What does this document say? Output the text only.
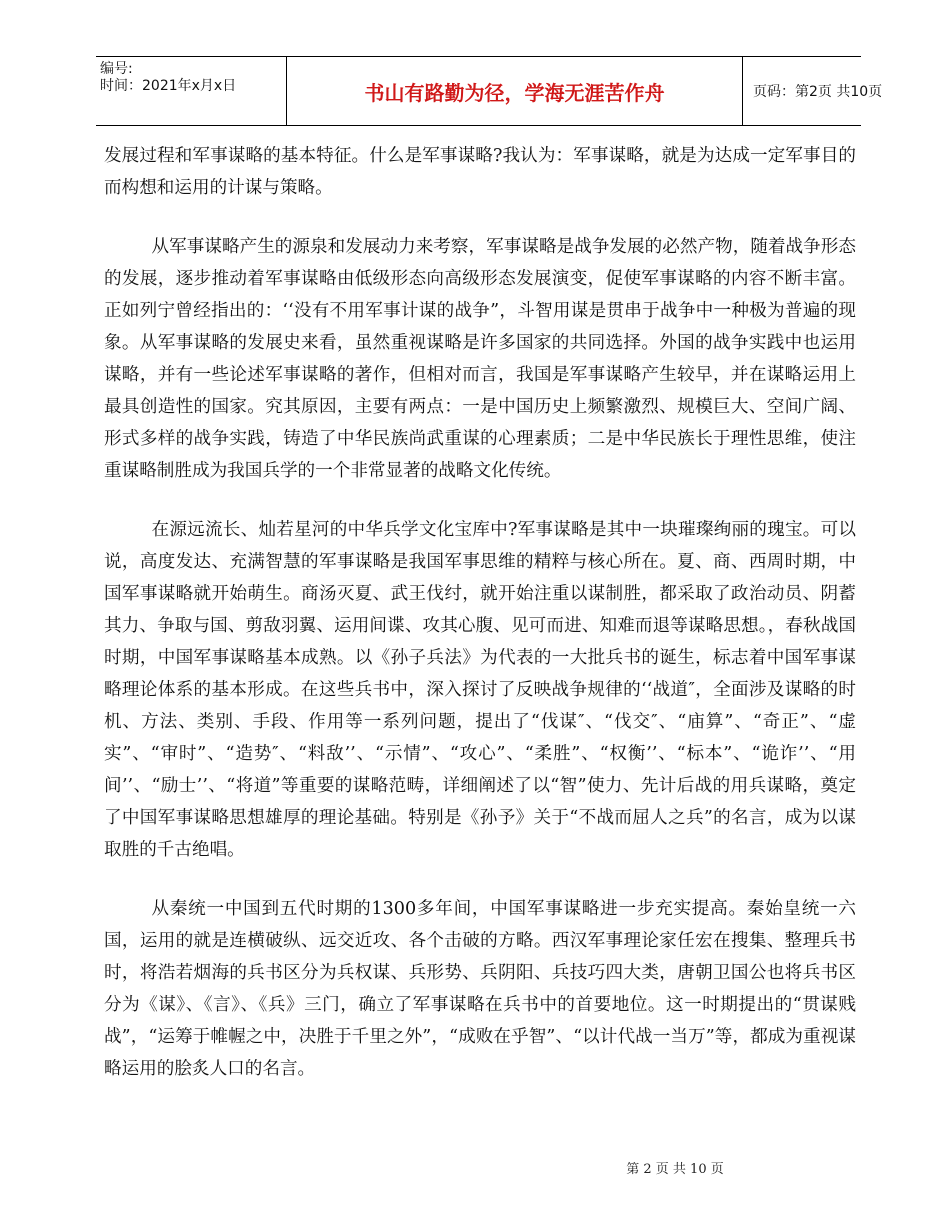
编号:
时间：2021年x月x日	书山有路勤为径，学海无涯苦作舟	页码：第2页 共10页

发展过程和军事谋略的基本特征。什么是军事谋略?我认为：军事谋略，就是为达成一定军事目的而构想和运用的计谋与策略。

从军事谋略产生的源泉和发展动力来考察，军事谋略是战争发展的必然产物，随着战争形态的发展，逐步推动着军事谋略由低级形态向高级形态发展演变，促使军事谋略的内容不断丰富。正如列宁曾经指出的：‘‘没有不用军事计谋的战争”，斗智用谋是贯串于战争中一种极为普遍的现象。从军事谋略的发展史来看，虽然重视谋略是许多国家的共同选择。外国的战争实践中也运用谋略，并有一些论述军事谋略的著作，但相对而言，我国是军事谋略产生较早，并在谋略运用上最具创造性的国家。究其原因，主要有两点：一是中国历史上频繁激烈、规模巨大、空间广阔、形式多样的战争实践，铸造了中华民族尚武重谋的心理素质；二是中华民族长于理性思维，使注重谋略制胜成为我国兵学的一个非常显著的战略文化传统。

在源远流长、灿若星河的中华兵学文化宝库中?军事谋略是其中一块璀璨绚丽的瑰宝。可以说，高度发达、充满智慧的军事谋略是我国军事思维的精粹与核心所在。夏、商、西周时期，中国军事谋略就开始萌生。商汤灭夏、武王伐纣，就开始注重以谋制胜，都采取了政治动员、阴蓄其力、争取与国、剪敌羽翼、运用间谍、攻其心腹、见可而进、知难而退等谋略思想。，春秋战国时期，中国军事谋略基本成熟。以《孙子兵法》为代表的一大批兵书的诞生，标志着中国军事谋略理论体系的基本形成。在这些兵书中，深入探讨了反映战争规律的‘‘战道″，全面涉及谋略的时机、方法、类别、手段、作用等一系列问题，提出了“伐谋″、“伐交″、“庙算”、“奇正”、“虚实”、“审时”、“造势″、“料敌’’、“示情”、“攻心”、“柔胜”、“权衡’’、“标本”、“诡诈’’、“用间’’、“励士’’、“将道”等重要的谋略范畴，详细阐述了以“智”使力、先计后战的用兵谋略，奠定了中国军事谋略思想雄厚的理论基础。特别是《孙予》关于“不战而屈人之兵”的名言，成为以谋取胜的千古绝唱。

从秦统一中国到五代时期的1300多年间，中国军事谋略进一步充实提高。秦始皇统一六国，运用的就是连横破纵、远交近攻、各个击破的方略。西汉军事理论家任宏在搜集、整理兵书时，将浩若烟海的兵书区分为兵权谋、兵形势、兵阴阳、兵技巧四大类，唐朝卫国公也将兵书区分为《谋》、《言》、《兵》三门，确立了军事谋略在兵书中的首要地位。这一时期提出的“贯谋贱战”，“运筹于帷幄之中，决胜于千里之外”，“成败在乎智”、“以计代战一当万”等，都成为重视谋略运用的脍炙人口的名言。

第 2 页 共 10 页
